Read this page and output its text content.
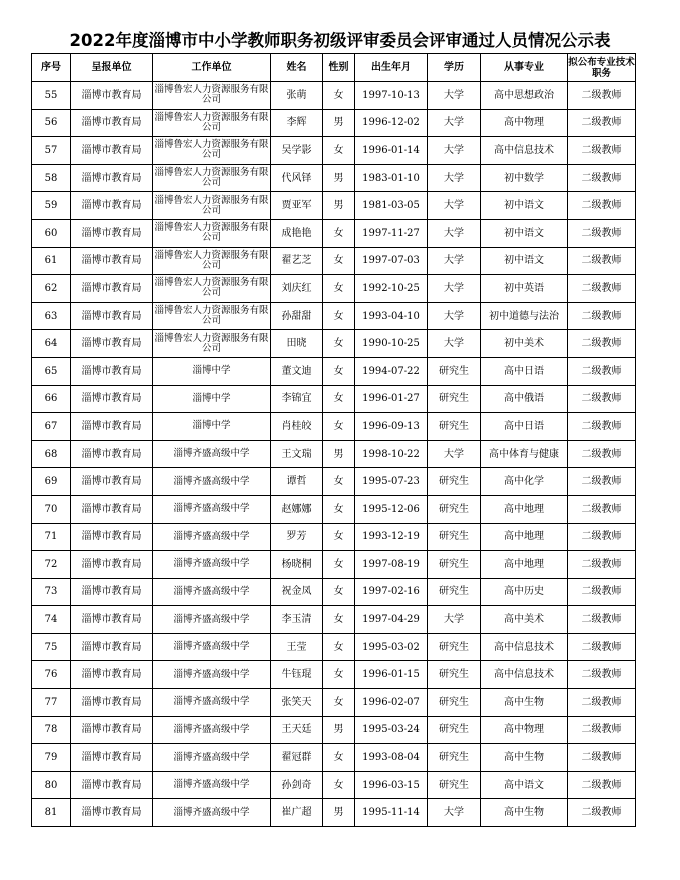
2022年度淄博市中小学教师职务初级评审委员会评审通过人员情况公示表
序号	呈报单位	工作单位	姓名	性别	出生年月	学历	从事专业	拟公布专业技术职务
55	淄博市教育局	淄博鲁宏人力资源服务有限公司	张萌	女	1997-10-13	大学	高中思想政治	二级教师
56	淄博市教育局	淄博鲁宏人力资源服务有限公司	李辉	男	1996-12-02	大学	高中物理	二级教师
57	淄博市教育局	淄博鲁宏人力资源服务有限公司	吴学影	女	1996-01-14	大学	高中信息技术	二级教师
58	淄博市教育局	淄博鲁宏人力资源服务有限公司	代风铎	男	1983-01-10	大学	初中数学	二级教师
59	淄博市教育局	淄博鲁宏人力资源服务有限公司	贾亚军	男	1981-03-05	大学	初中语文	二级教师
60	淄博市教育局	淄博鲁宏人力资源服务有限公司	成艳艳	女	1997-11-27	大学	初中语文	二级教师
61	淄博市教育局	淄博鲁宏人力资源服务有限公司	翟艺芝	女	1997-07-03	大学	初中语文	二级教师
62	淄博市教育局	淄博鲁宏人力资源服务有限公司	刘庆红	女	1992-10-25	大学	初中英语	二级教师
63	淄博市教育局	淄博鲁宏人力资源服务有限公司	孙甜甜	女	1993-04-10	大学	初中道德与法治	二级教师
64	淄博市教育局	淄博鲁宏人力资源服务有限公司	田晓	女	1990-10-25	大学	初中美术	二级教师
65	淄博市教育局	淄博中学	董文迪	女	1994-07-22	研究生	高中日语	二级教师
66	淄博市教育局	淄博中学	李锦宜	女	1996-01-27	研究生	高中俄语	二级教师
67	淄博市教育局	淄博中学	肖桂皎	女	1996-09-13	研究生	高中日语	二级教师
68	淄博市教育局	淄博齐盛高级中学	王文瑞	男	1998-10-22	大学	高中体育与健康	二级教师
69	淄博市教育局	淄博齐盛高级中学	谭哲	女	1995-07-23	研究生	高中化学	二级教师
70	淄博市教育局	淄博齐盛高级中学	赵娜娜	女	1995-12-06	研究生	高中地理	二级教师
71	淄博市教育局	淄博齐盛高级中学	罗芳	女	1993-12-19	研究生	高中地理	二级教师
72	淄博市教育局	淄博齐盛高级中学	杨晓桐	女	1997-08-19	研究生	高中地理	二级教师
73	淄博市教育局	淄博齐盛高级中学	祝金凤	女	1997-02-16	研究生	高中历史	二级教师
74	淄博市教育局	淄博齐盛高级中学	李玉清	女	1997-04-29	大学	高中美术	二级教师
75	淄博市教育局	淄博齐盛高级中学	王莹	女	1995-03-02	研究生	高中信息技术	二级教师
76	淄博市教育局	淄博齐盛高级中学	牛钰琨	女	1996-01-15	研究生	高中信息技术	二级教师
77	淄博市教育局	淄博齐盛高级中学	张笑天	女	1996-02-07	研究生	高中生物	二级教师
78	淄博市教育局	淄博齐盛高级中学	王天廷	男	1995-03-24	研究生	高中物理	二级教师
79	淄博市教育局	淄博齐盛高级中学	翟冠群	女	1993-08-04	研究生	高中生物	二级教师
80	淄博市教育局	淄博齐盛高级中学	孙剑奇	女	1996-03-15	研究生	高中语文	二级教师
81	淄博市教育局	淄博齐盛高级中学	崔广超	男	1995-11-14	大学	高中生物	二级教师
